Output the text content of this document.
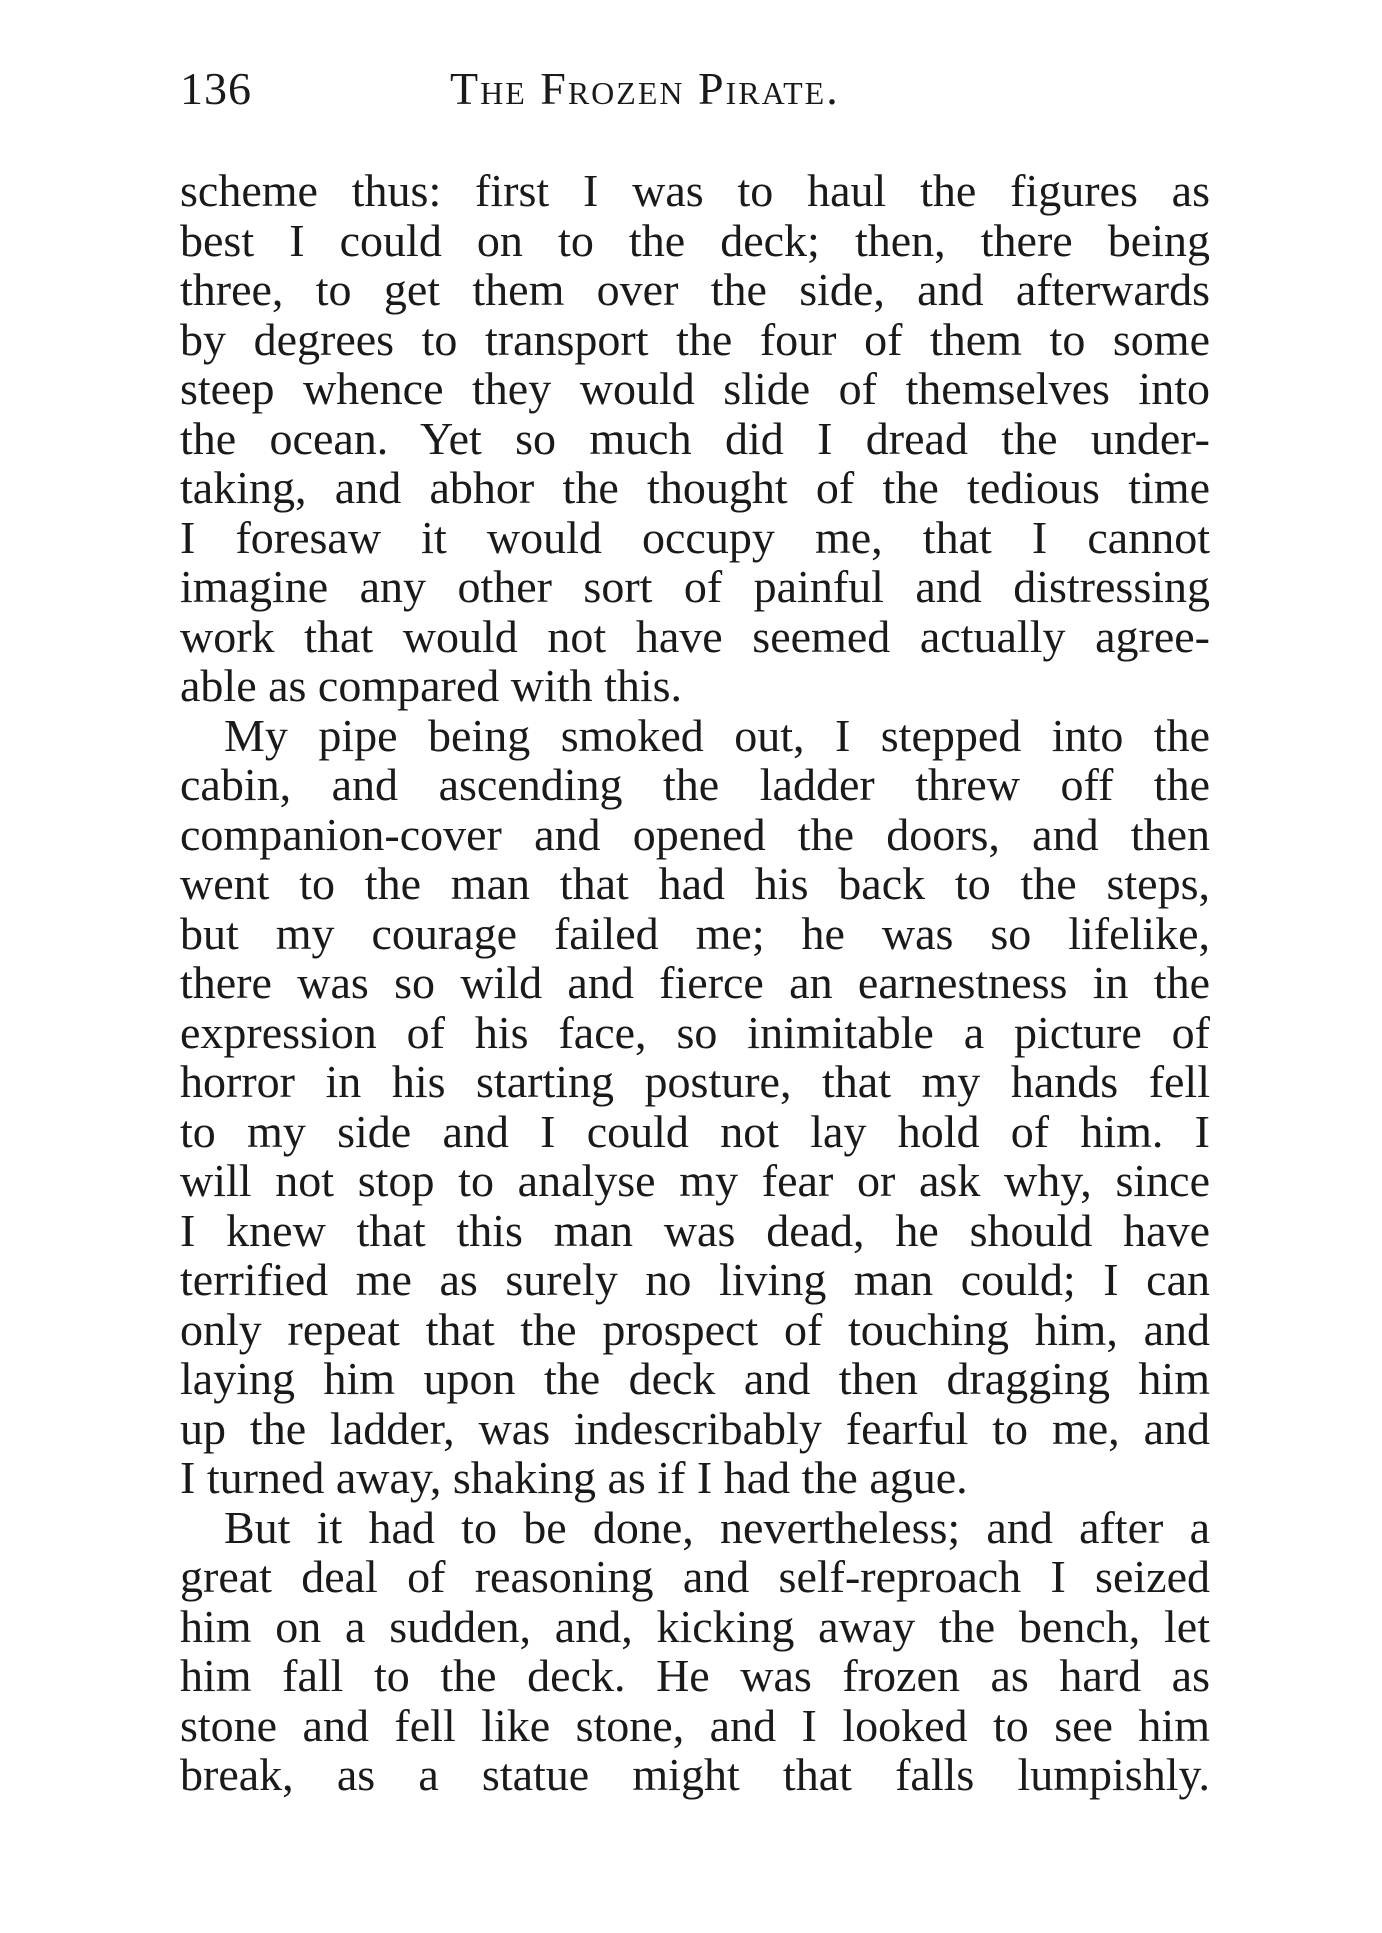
136	The Frozen Pirate.
scheme thus: first I was to haul the figures as
best I could on to the deck; then, there being
three, to get them over the side, and afterwards
by degrees to transport the four of them to some
steep whence they would slide of themselves into
the ocean. Yet so much did I dread the under-
taking, and abhor the thought of the tedious time
I foresaw it would occupy me, that I cannot
imagine any other sort of painful and distressing
work that would not have seemed actually agree-
able as compared with this.
My pipe being smoked out, I stepped into the
cabin, and ascending the ladder threw off the
companion-cover and opened the doors, and then
went to the man that had his back to the steps,
but my courage failed me; he was so lifelike,
there was so wild and fierce an earnestness in the
expression of his face, so inimitable a picture of
horror in his starting posture, that my hands fell
to my side and I could not lay hold of him. I
will not stop to analyse my fear or ask why, since
I knew that this man was dead, he should have
terrified me as surely no living man could; I can
only repeat that the prospect of touching him, and
laying him upon the deck and then dragging him
up the ladder, was indescribably fearful to me, and
I turned away, shaking as if I had the ague.
But it had to be done, nevertheless; and after a
great deal of reasoning and self-reproach I seized
him on a sudden, and, kicking away the bench, let
him fall to the deck. He was frozen as hard as
stone and fell like stone, and I looked to see him
break, as a statue might that falls lumpishly.
